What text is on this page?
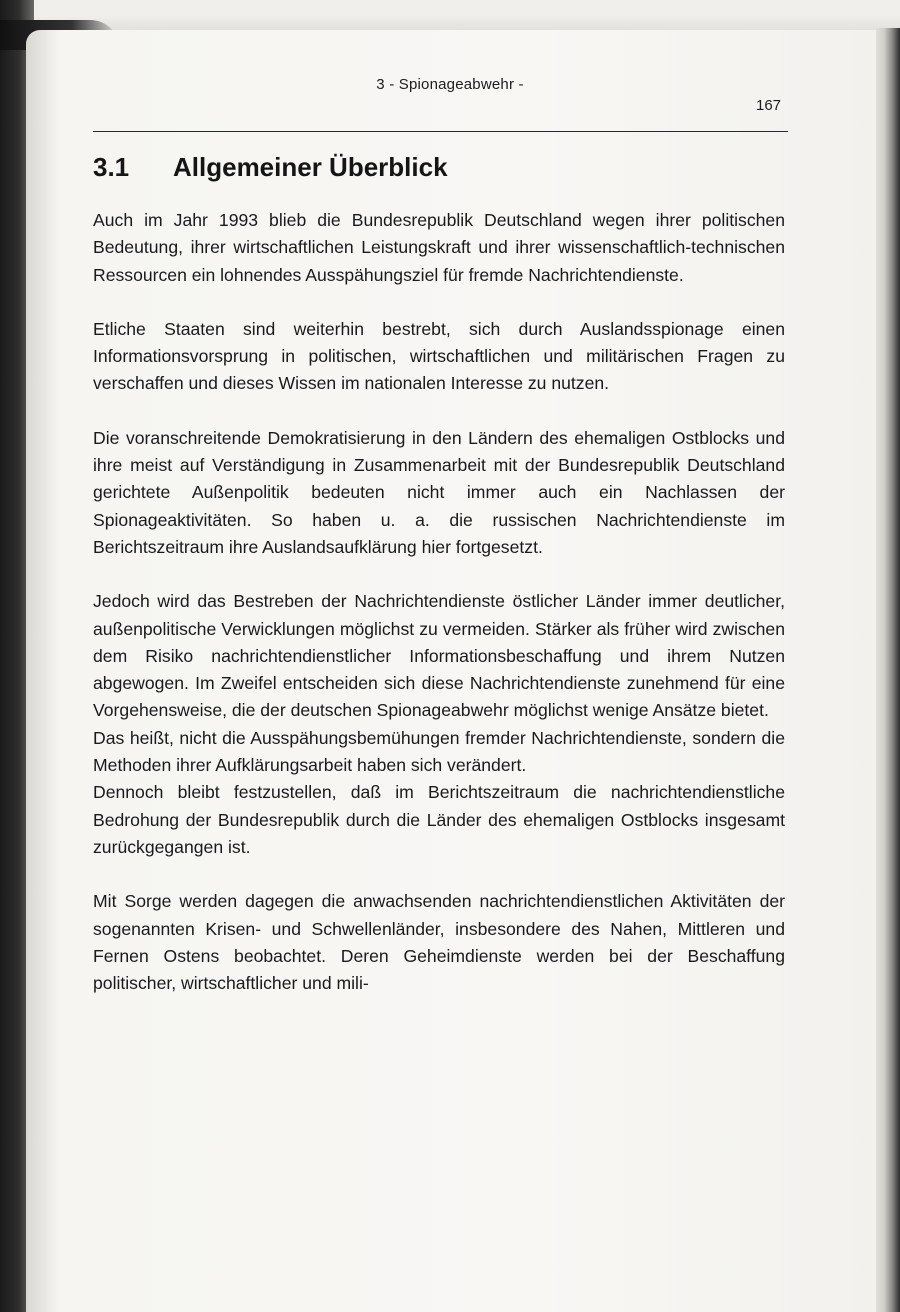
3 - Spionageabwehr -
167
3.1 Allgemeiner Überblick

Auch im Jahr 1993 blieb die Bundesrepublik Deutschland wegen ihrer politischen Bedeutung, ihrer wirtschaftlichen Leistungskraft und ihrer wissenschaftlich-technischen Ressourcen ein lohnendes Ausspähungsziel für fremde Nachrichtendienste.

Etliche Staaten sind weiterhin bestrebt, sich durch Auslandsspionage einen Informationsvorsprung in politischen, wirtschaftlichen und militärischen Fragen zu verschaffen und dieses Wissen im nationalen Interesse zu nutzen.

Die voranschreitende Demokratisierung in den Ländern des ehemaligen Ostblocks und ihre meist auf Verständigung in Zusammenarbeit mit der Bundesrepublik Deutschland gerichtete Außenpolitik bedeuten nicht immer auch ein Nachlassen der Spionageaktivitäten. So haben u. a. die russischen Nachrichtendienste im Berichtszeitraum ihre Auslandsaufklärung hier fortgesetzt.

Jedoch wird das Bestreben der Nachrichtendienste östlicher Länder immer deutlicher, außenpolitische Verwicklungen möglichst zu vermeiden. Stärker als früher wird zwischen dem Risiko nachrichtendienstlicher Informationsbeschaffung und ihrem Nutzen abgewogen. Im Zweifel entscheiden sich diese Nachrichtendienste zunehmend für eine Vorgehensweise, die der deutschen Spionageabwehr möglichst wenige Ansätze bietet.

Das heißt, nicht die Ausspähungsbemühungen fremder Nachrichtendienste, sondern die Methoden ihrer Aufklärungsarbeit haben sich verändert.

Dennoch bleibt festzustellen, daß im Berichtszeitraum die nachrichtendienstliche Bedrohung der Bundesrepublik durch die Länder des ehemaligen Ostblocks insgesamt zurückgegangen ist.

Mit Sorge werden dagegen die anwachsenden nachrichtendienstlichen Aktivitäten der sogenannten Krisen- und Schwellenländer, insbesondere des Nahen, Mittleren und Fernen Ostens beobachtet. Deren Geheimdienste werden bei der Beschaffung politischer, wirtschaftlicher und mili-
